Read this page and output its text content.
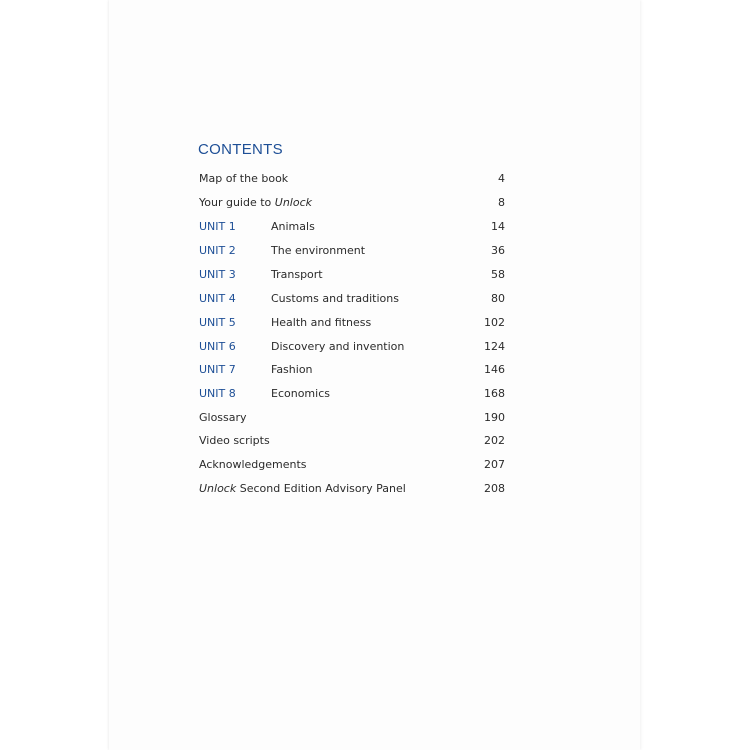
CONTENTS
Map of the book	4
Your guide to Unlock	8
UNIT 1	Animals	14
UNIT 2	The environment	36
UNIT 3	Transport	58
UNIT 4	Customs and traditions	80
UNIT 5	Health and fitness	102
UNIT 6	Discovery and invention	124
UNIT 7	Fashion	146
UNIT 8	Economics	168
Glossary	190
Video scripts	202
Acknowledgements	207
Unlock Second Edition Advisory Panel	208
